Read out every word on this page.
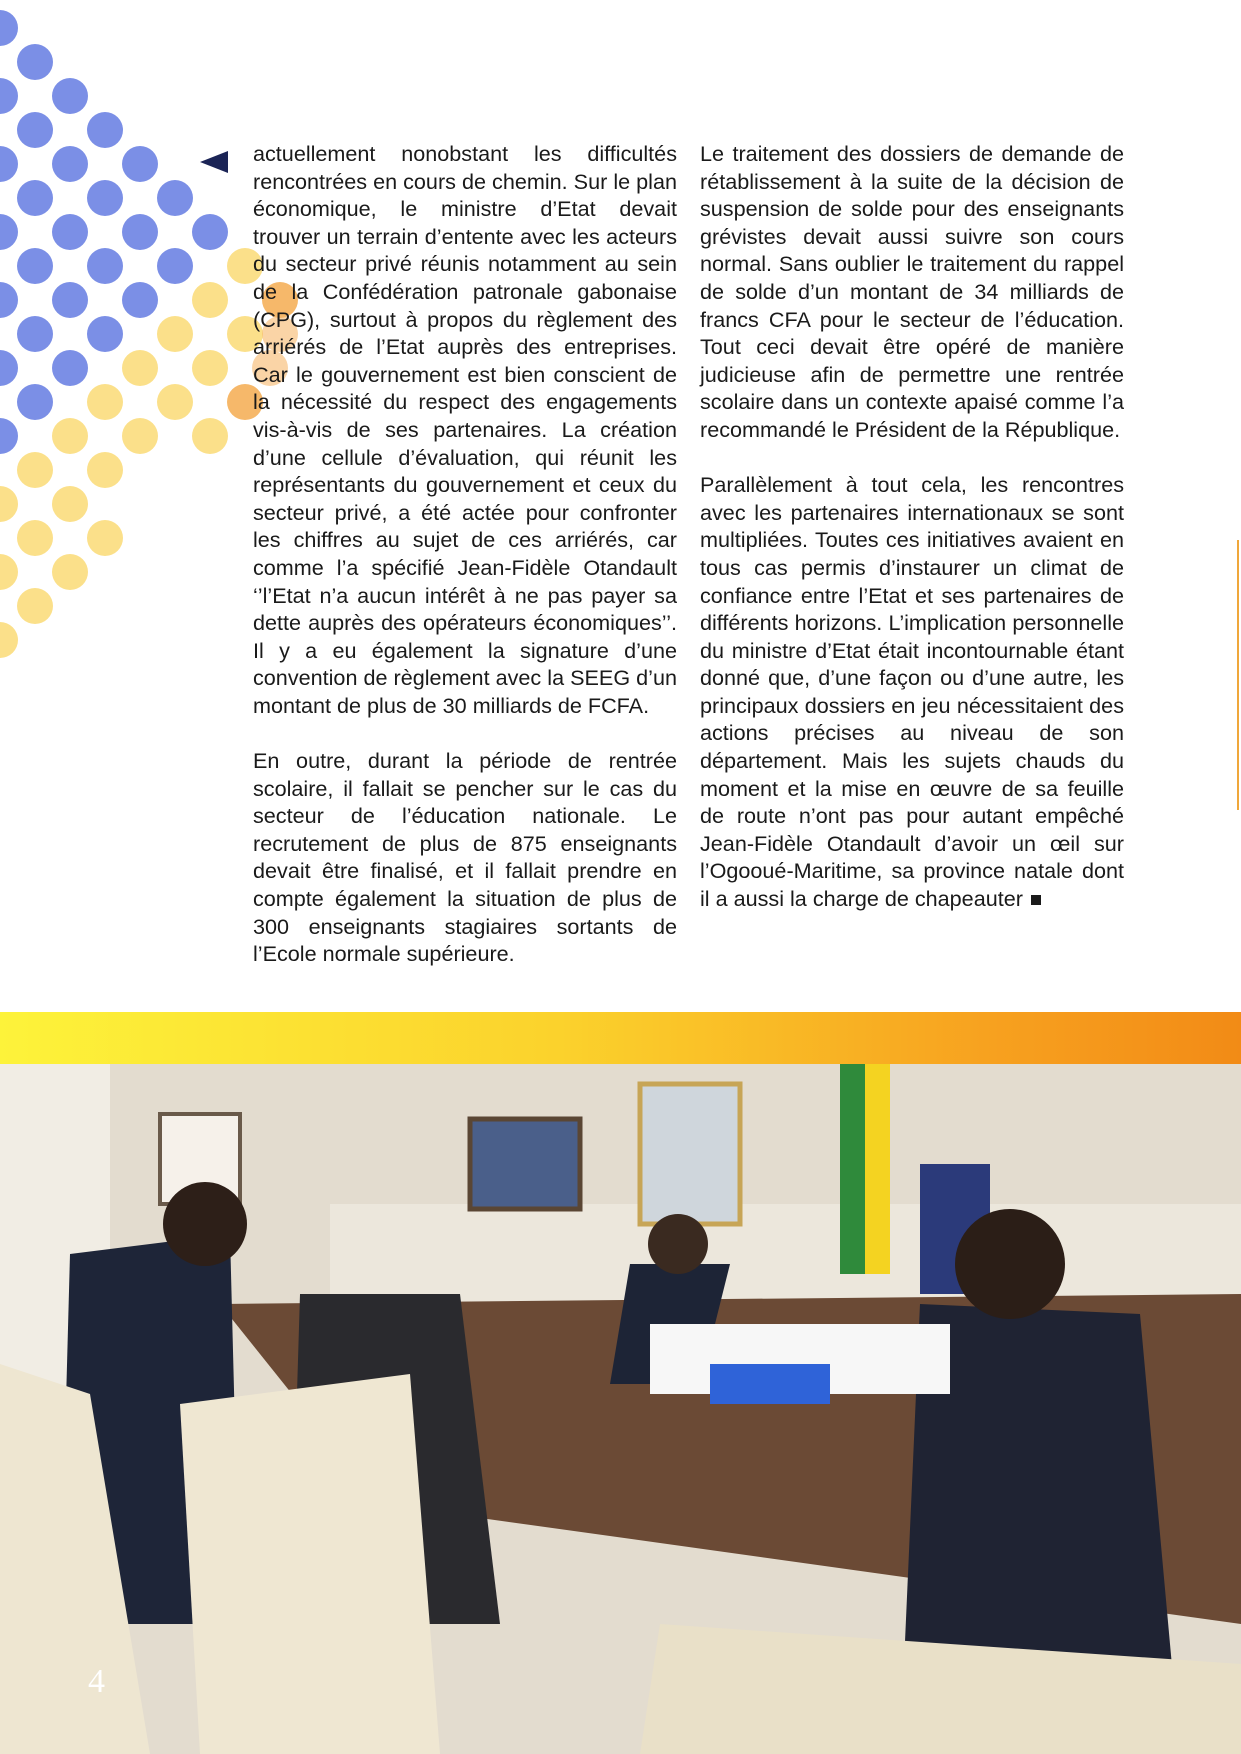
actuellement nonobstant les difficultés rencontrées en cours de chemin. Sur le plan économique, le ministre d’Etat devait trouver un terrain d’entente avec les acteurs du secteur privé réunis notamment au sein de la Confédération patronale gabonaise (CPG), surtout à propos du règlement des arriérés de l’Etat auprès des entreprises. Car le gouvernement est bien conscient de la nécessité du respect des engagements vis-à-vis de ses partenaires. La création d’une cellule d’évaluation, qui réunit les représentants du gouvernement et ceux du secteur privé, a été actée pour confronter les chiffres au sujet de ces arriérés, car comme l’a spécifié Jean-Fidèle Otandault ‘’l’Etat n’a aucun intérêt à ne pas payer sa dette auprès des opérateurs économiques’’. Il y a eu également la signature d’une convention de règlement avec la SEEG d’un montant de plus de 30 milliards de FCFA.

En outre, durant la période de rentrée scolaire, il fallait se pencher sur le cas du secteur de l’éducation nationale. Le recrutement de plus de 875 enseignants devait être finalisé, et il fallait prendre en compte également la situation de plus de 300 enseignants stagiaires sortants de l’Ecole normale supérieure.

Le traitement des dossiers de demande de rétablissement à la suite de la décision de suspension de solde pour des enseignants grévistes devait aussi suivre son cours normal. Sans oublier le traitement du rappel de solde d’un montant de 34 milliards de francs CFA pour le secteur de l’éducation. Tout ceci devait être opéré de manière judicieuse afin de permettre une rentrée scolaire dans un contexte apaisé comme l’a recommandé le Président de la République.

Parallèlement à tout cela, les rencontres avec les partenaires internationaux se sont multipliées. Toutes ces initiatives avaient en tous cas permis d’instaurer un climat de confiance entre l’Etat et ses partenaires de différents horizons. L’implication personnelle du ministre d’Etat était incontournable étant donné que, d’une façon ou d’une autre, les principaux dossiers en jeu nécessitaient des actions précises au niveau de son département. Mais les sujets chauds du moment et la mise en œuvre de sa feuille de route n’ont pas pour autant empêché Jean-Fidèle Otandault d’avoir un œil sur l’Ogooué-Maritime, sa province natale dont il a aussi la charge de chapeauter

4
